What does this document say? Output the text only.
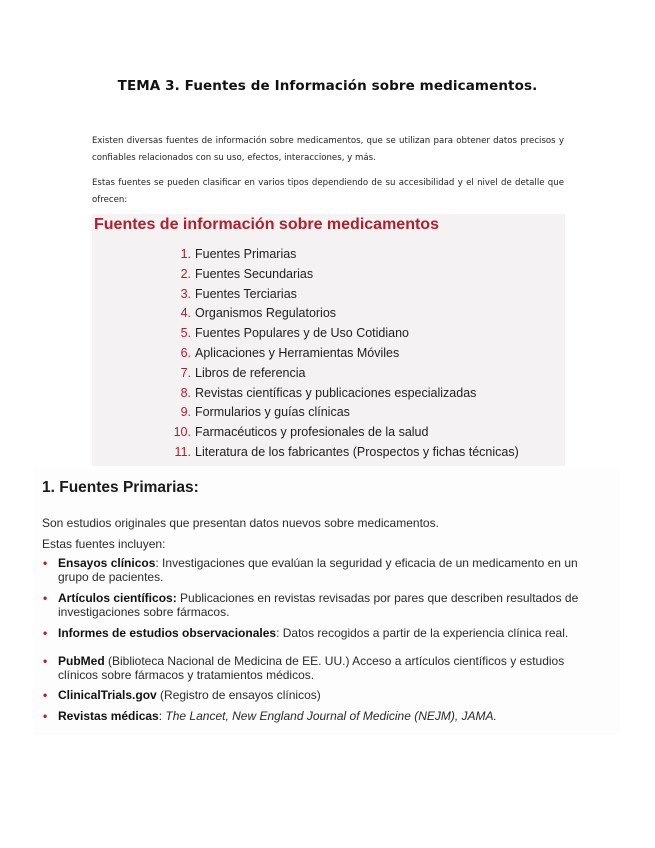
TEMA 3. Fuentes de Información sobre medicamentos.

Existen diversas fuentes de información sobre medicamentos, que se utilizan para obtener datos precisos y confiables relacionados con su uso, efectos, interacciones, y más.

Estas fuentes se pueden clasificar en varios tipos dependiendo de su accesibilidad y el nivel de detalle que ofrecen:

Fuentes de información sobre medicamentos
1. Fuentes Primarias
2. Fuentes Secundarias
3. Fuentes Terciarias
4. Organismos Regulatorios
5. Fuentes Populares y de Uso Cotidiano
6. Aplicaciones y Herramientas Móviles
7. Libros de referencia
8. Revistas científicas y publicaciones especializadas
9. Formularios y guías clínicas
10. Farmacéuticos y profesionales de la salud
11. Literatura de los fabricantes (Prospectos y fichas técnicas)
1. Fuentes Primarias:

Son estudios originales que presentan datos nuevos sobre medicamentos.

Estas fuentes incluyen:

• Ensayos clínicos: Investigaciones que evalúan la seguridad y eficacia de un medicamento en un grupo de pacientes.
• Artículos científicos: Publicaciones en revistas revisadas por pares que describen resultados de investigaciones sobre fármacos.
• Informes de estudios observacionales: Datos recogidos a partir de la experiencia clínica real.
• PubMed (Biblioteca Nacional de Medicina de EE. UU.) Acceso a artículos científicos y estudios clínicos sobre fármacos y tratamientos médicos.
• ClinicalTrials.gov (Registro de ensayos clínicos)
• Revistas médicas: The Lancet, New England Journal of Medicine (NEJM), JAMA.
